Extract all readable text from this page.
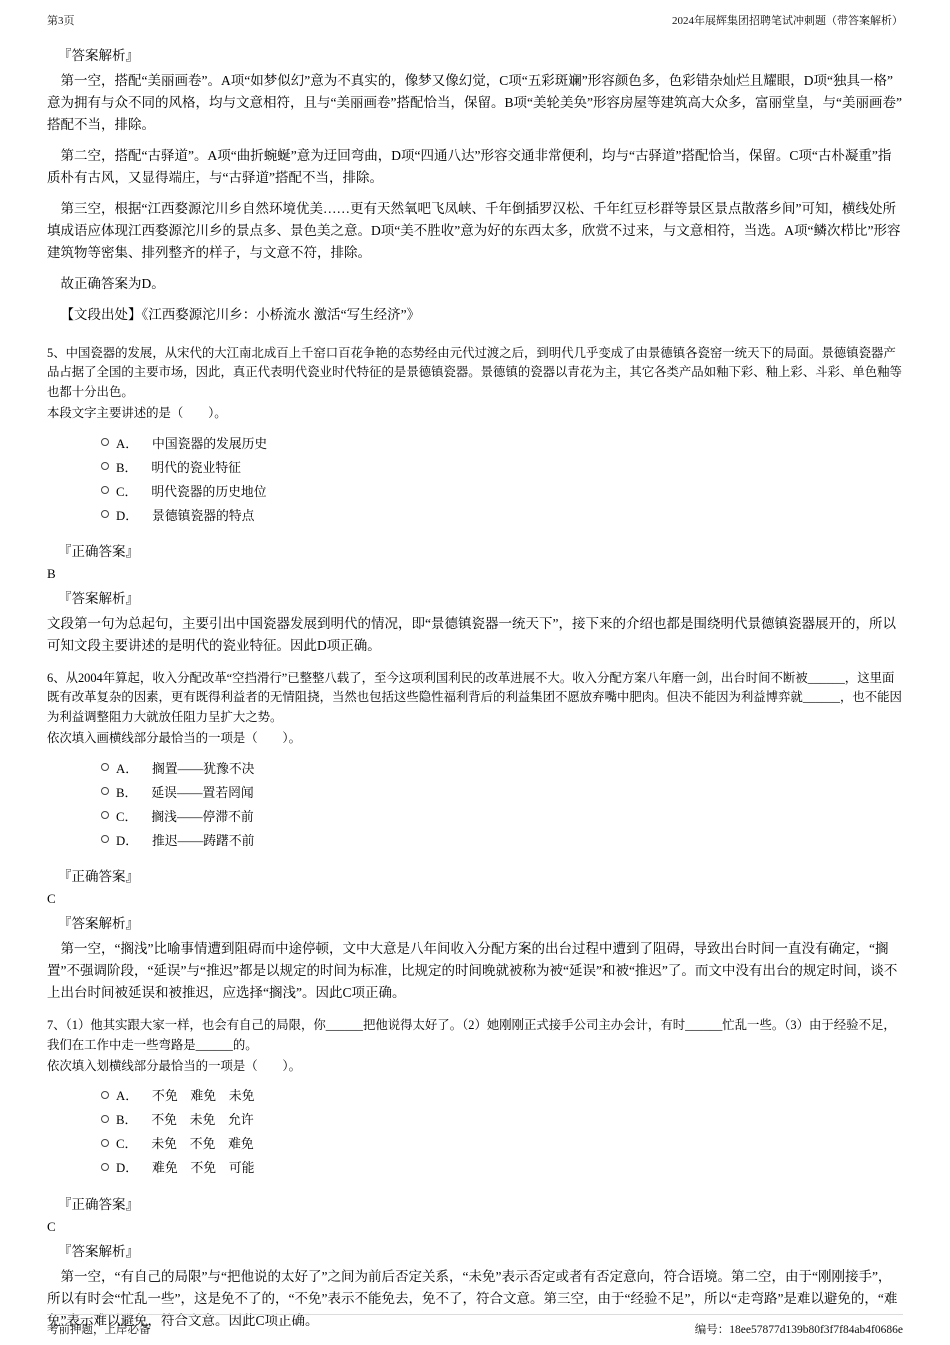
第3页	2024年展辉集团招聘笔试冲刺题（带答案解析）
『答案解析』

第一空，搭配“美丽画卷”。A项“如梦似幻”意为不真实的，像梦又像幻觉，C项“五彩斑斓”形容颜色多，色彩错杂灿烂且耀眼，D项“独具一格”意为拥有与众不同的风格，均与文意相符，且与“美丽画卷”搭配恰当，保留。B项“美轮美奂”形容房屋等建筑高大众多，富丽堂皇，与“美丽画卷”搭配不当，排除。

第二空，搭配“古驿道”。A项“曲折蜿蜒”意为迂回弯曲，D项“四通八达”形容交通非常便利，均与“古驿道”搭配恰当，保留。C项“古朴凝重”指质朴有古风，又显得端庄，与“古驿道”搭配不当，排除。

第三空，根据“江西婺源沱川乡自然环境优美……更有天然氧吧飞凤峡、千年倒插罗汉松、千年红豆杉群等景区景点散落乡间”可知，横线处所填成语应体现江西婺源沱川乡的景点多、景色美之意。D项“美不胜收”意为好的东西太多，欣赏不过来，与文意相符，当选。A项“鳞次栉比”形容建筑物等密集、排列整齐的样子，与文意不符，排除。

故正确答案为D。

【文段出处】《江西婺源沱川乡：小桥流水 激活“写生经济”》

5、中国瓷器的发展，从宋代的大江南北成百上千窑口百花争艳的态势经由元代过渡之后，到明代几乎变成了由景德镇各瓷窑一统天下的局面。景德镇瓷器产品占据了全国的主要市场，因此，真正代表明代瓷业时代特征的是景德镇瓷器。景德镇的瓷器以青花为主，其它各类产品如釉下彩、釉上彩、斗彩、单色釉等也都十分出色。

本段文字主要讲述的是（　　）。

A． 中国瓷器的发展历史
B． 明代的瓷业特征
C． 明代瓷器的历史地位
D． 景德镇瓷器的特点
『正确答案』
B
『答案解析』

文段第一句为总起句，主要引出中国瓷器发展到明代的情况，即“景德镇瓷器一统天下”，接下来的介绍也都是围绕明代景德镇瓷器展开的，所以可知文段主要讲述的是明代的瓷业特征。因此D项正确。

6、从2004年算起，收入分配改革“空挡滑行”已整整八载了，至今这项利国利民的改革进展不大。收入分配方案八年磨一剑，出台时间不断被______，这里面既有改革复杂的因素，更有既得利益者的无情阻挠，当然也包括这些隐性福利背后的利益集团不愿放弃嘴中肥肉。但决不能因为利益博弈就______，也不能因为利益调整阻力大就放任阻力呈扩大之势。

依次填入画横线部分最恰当的一项是（　　）。

A． 搁置——犹豫不决
B． 延误——置若罔闻
C． 搁浅——停滞不前
D． 推迟——踌躇不前
『正确答案』
C
『答案解析』

第一空，“搁浅”比喻事情遭到阻碍而中途停顿，文中大意是八年间收入分配方案的出台过程中遭到了阻碍，导致出台时间一直没有确定，“搁置”不强调阶段，“延误”与“推迟”都是以规定的时间为标准，比规定的时间晚就被称为被“延误”和被“推迟”了。而文中没有出台的规定时间，谈不上出台时间被延误和被推迟，应选择“搁浅”。因此C项正确。

7、（1）他其实跟大家一样，也会有自己的局限，你______把他说得太好了。（2）她刚刚正式接手公司主办会计，有时______忙乱一些。（3）由于经验不足，我们在工作中走一些弯路是______的。

依次填入划横线部分最恰当的一项是（　　）。

A． 不免　难免　未免
B． 不免　未免　允许
C． 未免　不免　难免
D． 难免　不免　可能
『正确答案』
C
『答案解析』

第一空，“有自己的局限”与“把他说的太好了”之间为前后否定关系，“未免”表示否定或者有否定意向，符合语境。第二空，由于“刚刚接手”，所以有时会“忙乱一些”，这是免不了的，“不免”表示不能免去，免不了，符合文意。第三空，由于“经验不足”，所以“走弯路”是难以避免的，“难免”表示难以避免，符合文意。因此C项正确。

考前押题，上岸必备	编号：18ee57877d139b80f3f7f84ab4f0686e
